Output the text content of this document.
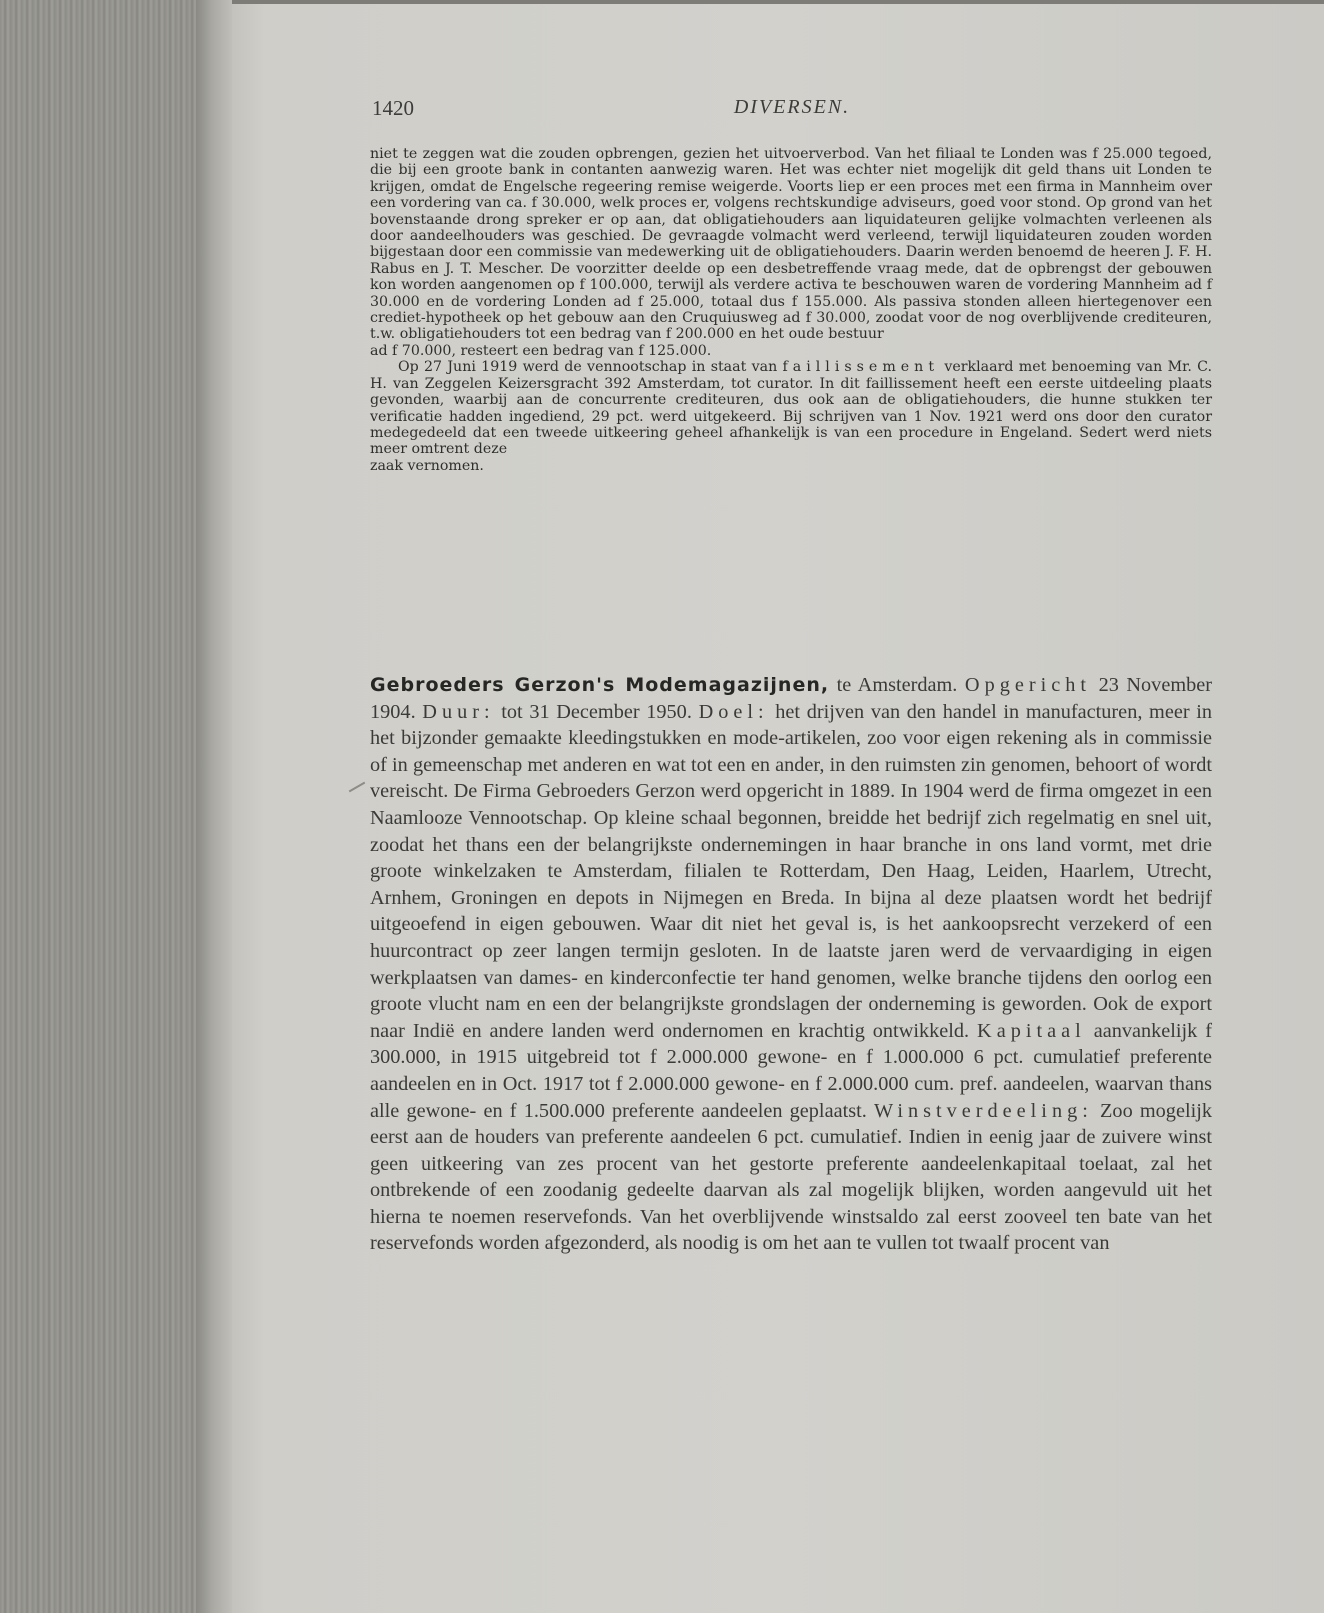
1420	DIVERSEN.

niet te zeggen wat die zouden opbrengen, gezien het uitvoerverbod. Van het filiaal te Londen was f 25.000 tegoed, die bij een groote bank in contanten aanwezig waren. Het was echter niet mogelijk dit geld thans uit Londen te krijgen, omdat de Engelsche regeering remise weigerde. Voorts liep er een proces met een firma in Mannheim over een vordering van ca. f 30.000, welk proces er, volgens rechtskundige adviseurs, goed voor stond. Op grond van het bovenstaande drong spreker er op aan, dat obligatiehouders aan liquidateuren gelijke volmachten verleenen als door aandeelhouders was geschied. De gevraagde volmacht werd verleend, terwijl liquidateuren zouden worden bijgestaan door een commissie van medewerking uit de obligatiehouders. Daarin werden benoemd de heeren J. F. H. Rabus en J. T. Mescher. De voorzitter deelde op een desbetreffende vraag mede, dat de opbrengst der gebouwen kon worden aangenomen op f 100.000, terwijl als verdere activa te beschouwen waren de vordering Mannheim ad f 30.000 en de vordering Londen ad f 25.000, totaal dus f 155.000. Als passiva stonden alleen hiertegenover een crediet-hypotheek op het gebouw aan den Cruquiusweg ad f 30.000, zoodat voor de nog overblijvende crediteuren, t.w. obligatiehouders tot een bedrag van f 200.000 en het oude bestuur
ad f 70.000, resteert een bedrag van f 125.000.

Op 27 Juni 1919 werd de vennootschap in staat van faillissement verklaard met benoeming van Mr. C. H. van Zeggelen Keizersgracht 392 Amsterdam, tot curator. In dit faillissement heeft een eerste uitdeeling plaats gevonden, waarbij aan de concurrente crediteuren, dus ook aan de obligatiehouders, die hunne stukken ter verificatie hadden ingediend, 29 pct. werd uitgekeerd. Bij schrijven van 1 Nov. 1921 werd ons door den curator medegedeeld dat een tweede uitkeering geheel afhankelijk is van een procedure in Engeland. Sedert werd niets meer omtrent deze
zaak vernomen.

Gebroeders Gerzon's Modemagazijnen, te Amsterdam. Opgericht 23 November 1904. Duur: tot 31 December 1950. Doel: het drijven van den handel in manufacturen, meer in het bijzonder gemaakte kleedingstukken en mode-artikelen, zoo voor eigen rekening als in commissie of in gemeenschap met anderen en wat tot een en ander, in den ruimsten zin genomen, behoort of wordt vereischt. De Firma Gebroeders Gerzon werd opgericht in 1889. In 1904 werd de firma omgezet in een Naamlooze Vennootschap. Op kleine schaal begonnen, breidde het bedrijf zich regelmatig en snel uit, zoodat het thans een der belangrijkste ondernemingen in haar branche in ons land vormt, met drie groote winkelzaken te Amsterdam, filialen te Rotterdam, Den Haag, Leiden, Haarlem, Utrecht, Arnhem, Groningen en depots in Nijmegen en Breda. In bijna al deze plaatsen wordt het bedrijf uitgeoefend in eigen gebouwen. Waar dit niet het geval is, is het aankoopsrecht verzekerd of een huurcontract op zeer langen termijn gesloten. In de laatste jaren werd de vervaardiging in eigen werkplaatsen van dames- en kinderconfectie ter hand genomen, welke branche tijdens den oorlog een groote vlucht nam en een der belangrijkste grondslagen der onderneming is geworden. Ook de export naar Indië en andere landen werd ondernomen en krachtig ontwikkeld. Kapitaal aanvankelijk f 300.000, in 1915 uitgebreid tot f 2.000.000 gewone- en f 1.000.000 6 pct. cumulatief preferente aandeelen en in Oct. 1917 tot f 2.000.000 gewone- en f 2.000.000 cum. pref. aandeelen, waarvan thans alle gewone- en f 1.500.000 preferente aandeelen geplaatst. Winstverdeeling: Zoo mogelijk eerst aan de houders van preferente aandeelen 6 pct. cumulatief. Indien in eenig jaar de zuivere winst geen uitkeering van zes procent van het gestorte preferente aandeelenkapitaal toelaat, zal het ontbrekende of een zoodanig gedeelte daarvan als zal mogelijk blijken, worden aangevuld uit het hierna te noemen reservefonds. Van het overblijvende winstsaldo zal eerst zooveel ten bate van het reservefonds worden afgezonderd, als noodig is om het aan te vullen tot twaalf procent van
